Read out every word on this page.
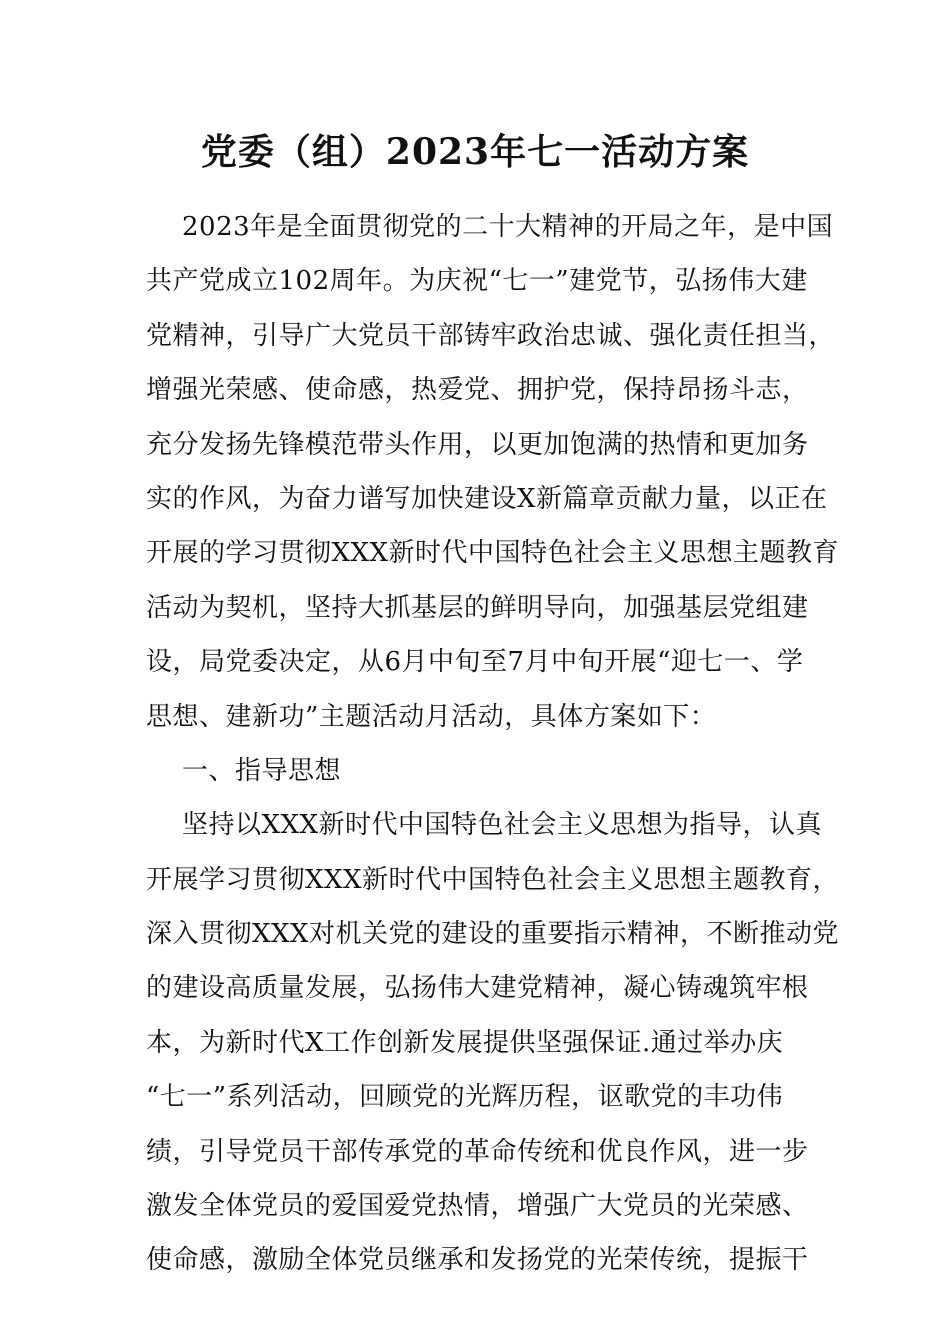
党委（组）2023年七一活动方案
2023年是全面贯彻党的二十大精神的开局之年，是中国
共产党成立102周年。为庆祝“七一”建党节，弘扬伟大建
党精神，引导广大党员干部铸牢政治忠诚、强化责任担当，
增强光荣感、使命感，热爱党、拥护党，保持昂扬斗志，
充分发扬先锋模范带头作用，以更加饱满的热情和更加务
实的作风，为奋力谱写加快建设X新篇章贡献力量，以正在
开展的学习贯彻XXX新时代中国特色社会主义思想主题教育
活动为契机，坚持大抓基层的鲜明导向，加强基层党组建
设，局党委决定，从6月中旬至7月中旬开展“迎七一、学
思想、建新功”主题活动月活动，具体方案如下：
一、指导思想
坚持以XXX新时代中国特色社会主义思想为指导，认真
开展学习贯彻XXX新时代中国特色社会主义思想主题教育，
深入贯彻XXX对机关党的建设的重要指示精神，不断推动党
的建设高质量发展，弘扬伟大建党精神，凝心铸魂筑牢根
本，为新时代X工作创新发展提供坚强保证.通过举办庆
“七一”系列活动，回顾党的光辉历程，讴歌党的丰功伟
绩，引导党员干部传承党的革命传统和优良作风，进一步
激发全体党员的爱国爱党热情，增强广大党员的光荣感、
使命感，激励全体党员继承和发扬党的光荣传统，提振干
